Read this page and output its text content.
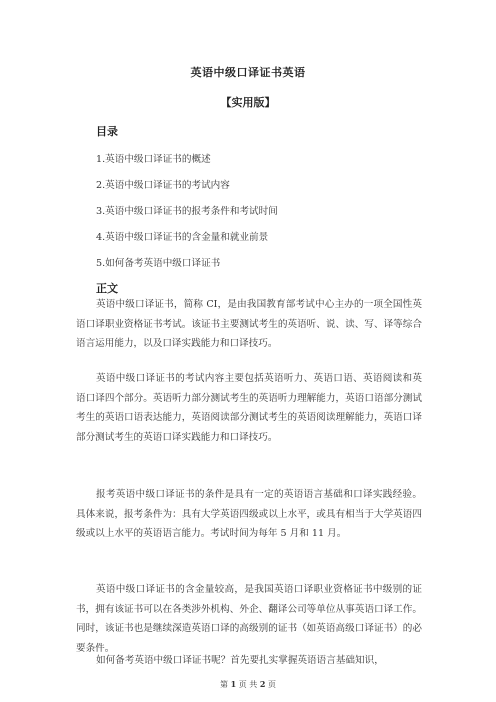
英语中级口译证书英语
【实用版】
目录
1.英语中级口译证书的概述
2.英语中级口译证书的考试内容
3.英语中级口译证书的报考条件和考试时间
4.英语中级口译证书的含金量和就业前景
5.如何备考英语中级口译证书
正文

英语中级口译证书，简称 CI，是由我国教育部考试中心主办的一项全国性英语口译职业资格证书考试。该证书主要测试考生的英语听、说、读、写、译等综合语言运用能力，以及口译实践能力和口译技巧。

英语中级口译证书的考试内容主要包括英语听力、英语口语、英语阅读和英语口译四个部分。英语听力部分测试考生的英语听力理解能力，英语口语部分测试考生的英语口语表达能力，英语阅读部分测试考生的英语阅读理解能力，英语口译部分测试考生的英语口译实践能力和口译技巧。

报考英语中级口译证书的条件是具有一定的英语语言基础和口译实践经验。具体来说，报考条件为：具有大学英语四级或以上水平，或具有相当于大学英语四级或以上水平的英语语言能力。考试时间为每年 5 月和 11 月。

英语中级口译证书的含金量较高，是我国英语口译职业资格证书中级别的证书，拥有该证书可以在各类涉外机构、外企、翻译公司等单位从事英语口译工作。同时，该证书也是继续深造英语口译的高级别的证书（如英语高级口译证书）的必要条件。

如何备考英语中级口译证书呢？首先要扎实掌握英语语言基础知识，

第 1 页 共 2 页
